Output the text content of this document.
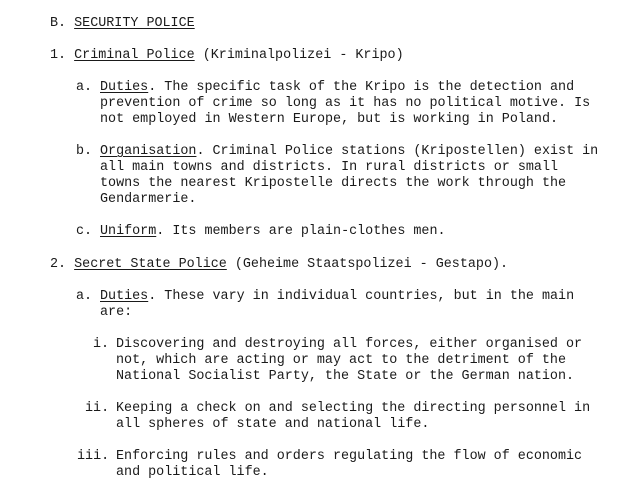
B. SECURITY POLICE
1. Criminal Police (Kriminalpolizei - Kripo)
a. Duties. The specific task of the Kripo is the detection and
prevention of crime so long as it has no political motive. Is
not employed in Western Europe, but is working in Poland.
b. Organisation. Criminal Police stations (Kripostellen) exist in
all main towns and districts. In rural districts or small
towns the nearest Kripostelle directs the work through the
Gendarmerie.
c. Uniform. Its members are plain-clothes men.
2. Secret State Police (Geheime Staatspolizei - Gestapo).
a. Duties. These vary in individual countries, but in the main
are:
i. Discovering and destroying all forces, either organised or
not, which are acting or may act to the detriment of the
National Socialist Party, the State or the German nation.
ii. Keeping a check on and selecting the directing personnel in
all spheres of state and national life.
iii. Enforcing rules and orders regulating the flow of economic
and political life.
